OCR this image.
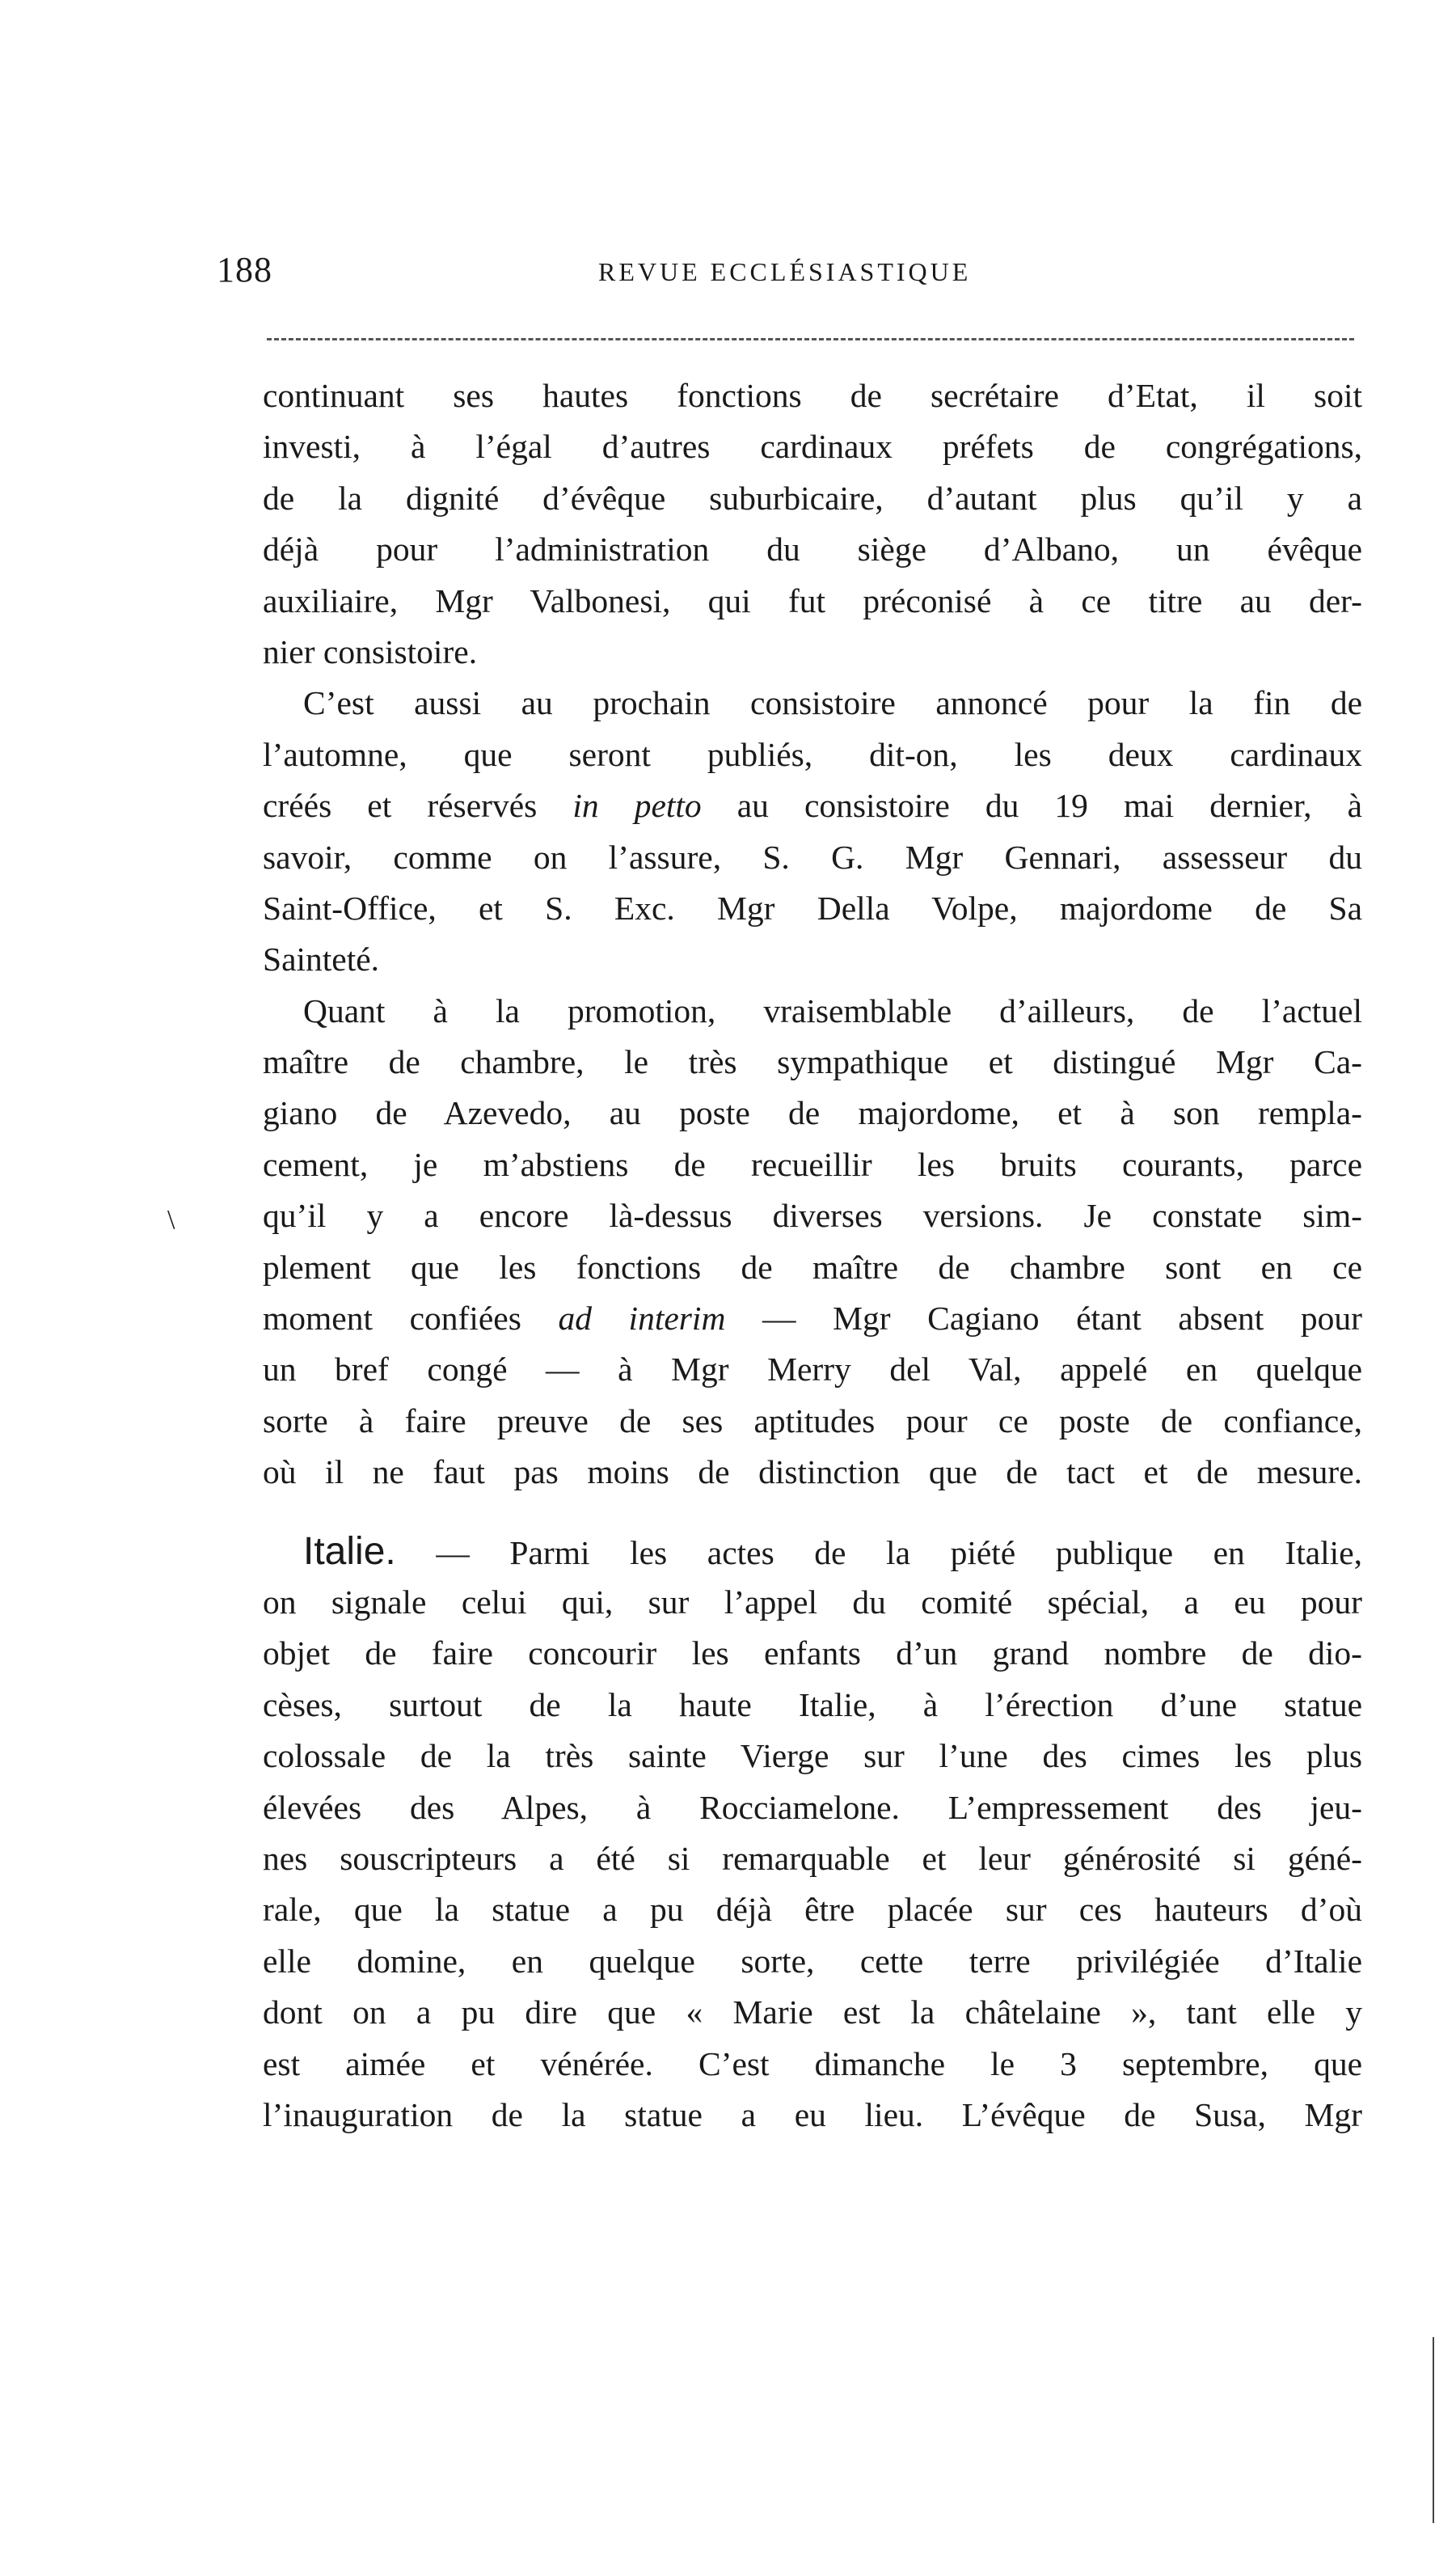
188	REVUE ECCLÉSIASTIQUE
\
continuant ses hautes fonctions de secrétaire d’Etat, il soit
investi, à l’égal d’autres cardinaux préfets de congrégations,
de la dignité d’évêque suburbicaire, d’autant plus qu’il y a
déjà pour l’administration du siège d’Albano, un évêque
auxiliaire, Mgr Valbonesi, qui fut préconisé à ce titre au der-
nier consistoire.
C’est aussi au prochain consistoire annoncé pour la fin de
l’automne, que seront publiés, dit-on, les deux cardinaux
créés et réservés in petto au consistoire du 19 mai dernier, à
savoir, comme on l’assure, S. G. Mgr Gennari, assesseur du
Saint-Office, et S. Exc. Mgr Della Volpe, majordome de Sa
Sainteté.
Quant à la promotion, vraisemblable d’ailleurs, de l’actuel
maître de chambre, le très sympathique et distingué Mgr Ca-
giano de Azevedo, au poste de majordome, et à son rempla-
cement, je m’abstiens de recueillir les bruits courants, parce
qu’il y a encore là-dessus diverses versions. Je constate sim-
plement que les fonctions de maître de chambre sont en ce
moment confiées ad interim — Mgr Cagiano étant absent pour
un bref congé — à Mgr Merry del Val, appelé en quelque
sorte à faire preuve de ses aptitudes pour ce poste de confiance,
où il ne faut pas moins de distinction que de tact et de mesure.
Italie. — Parmi les actes de la piété publique en Italie,
on signale celui qui, sur l’appel du comité spécial, a eu pour
objet de faire concourir les enfants d’un grand nombre de dio-
cèses, surtout de la haute Italie, à l’érection d’une statue
colossale de la très sainte Vierge sur l’une des cimes les plus
élevées des Alpes, à Rocciamelone. L’empressement des jeu-
nes souscripteurs a été si remarquable et leur générosité si géné-
rale, que la statue a pu déjà être placée sur ces hauteurs d’où
elle domine, en quelque sorte, cette terre privilégiée d’Italie
dont on a pu dire que « Marie est la châtelaine », tant elle y
est aimée et vénérée. C’est dimanche le 3 septembre, que
l’inauguration de la statue a eu lieu. L’évêque de Susa, Mgr
